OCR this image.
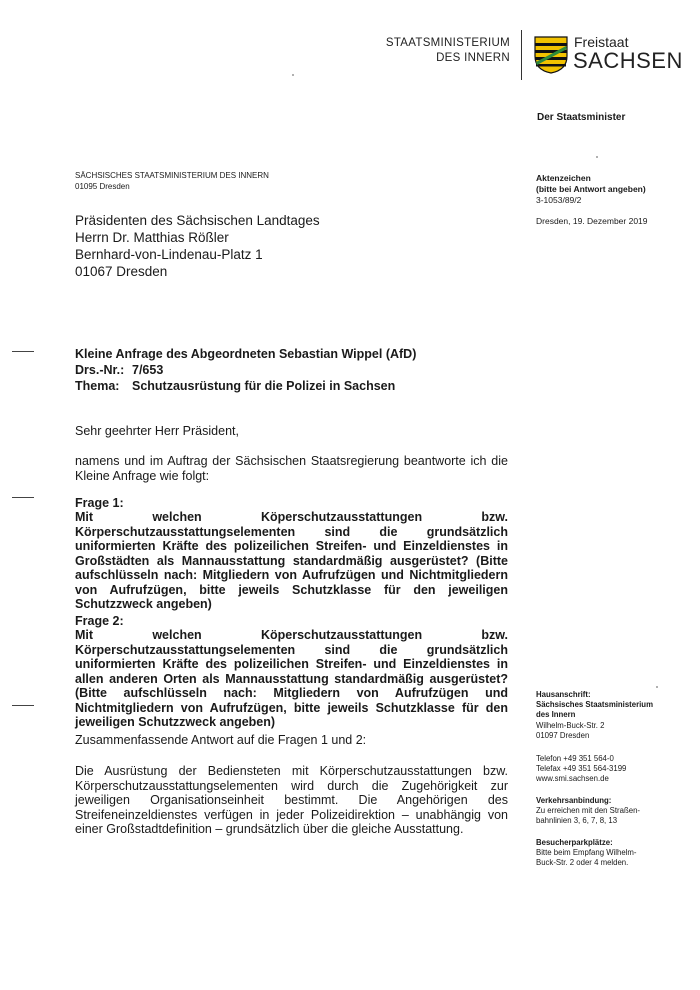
STAATSMINISTERIUM
DES INNERN
Freistaat
SACHSEN
Der Staatsminister
SÄCHSISCHES STAATSMINISTERIUM DES INNERN
01095 Dresden
Aktenzeichen
(bitte bei Antwort angeben)
3-1053/89/2
Dresden, 19. Dezember 2019
Präsidenten des Sächsischen Landtages
Herrn Dr. Matthias Rößler
Bernhard-von-Lindenau-Platz 1
01067 Dresden
Kleine Anfrage des Abgeordneten Sebastian Wippel (AfD)
Drs.-Nr.: 7/653
Thema: Schutzausrüstung für die Polizei in Sachsen
Sehr geehrter Herr Präsident,
namens und im Auftrag der Sächsischen Staatsregierung beantworte ich die Kleine Anfrage wie folgt:
Frage 1:
Mit welchen Köperschutzausstattungen bzw. Körperschutzausstattungselementen sind die grundsätzlich uniformierten Kräfte des polizeilichen Streifen- und Einzeldienstes in Großstädten als Mannausstattung standardmäßig ausgerüstet? (Bitte aufschlüsseln nach: Mitgliedern von Aufrufzügen und Nichtmitgliedern von Aufrufzügen, bitte jeweils Schutzklasse für den jeweiligen Schutzzweck angeben)
Frage 2:
Mit welchen Köperschutzausstattungen bzw. Körperschutzausstattungselementen sind die grundsätzlich uniformierten Kräfte des polizeilichen Streifen- und Einzeldienstes in allen anderen Orten als Mannausstattung standardmäßig ausgerüstet? (Bitte aufschlüsseln nach: Mitgliedern von Aufrufzügen und Nichtmitgliedern von Aufrufzügen, bitte jeweils Schutzklasse für den jeweiligen Schutzzweck angeben)
Zusammenfassende Antwort auf die Fragen 1 und 2:
Die Ausrüstung der Bediensteten mit Körperschutzausstattungen bzw. Körperschutzausstattungselementen wird durch die Zugehörigkeit zur jeweiligen Organisationseinheit bestimmt. Die Angehörigen des Streifeneinzeldienstes verfügen in jeder Polizeidirektion – unabhängig von einer Großstadtdefinition – grundsätzlich über die gleiche Ausstattung.
Hausanschrift:
Sächsisches Staatsministerium
des Innern
Wilhelm-Buck-Str. 2
01097 Dresden
Telefon +49 351 564-0
Telefax +49 351 564-3199
www.smi.sachsen.de
Verkehrsanbindung:
Zu erreichen mit den Straßen-
bahnlinien 3, 6, 7, 8, 13
Besucherparkplätze:
Bitte beim Empfang Wilhelm-
Buck-Str. 2 oder 4 melden.
